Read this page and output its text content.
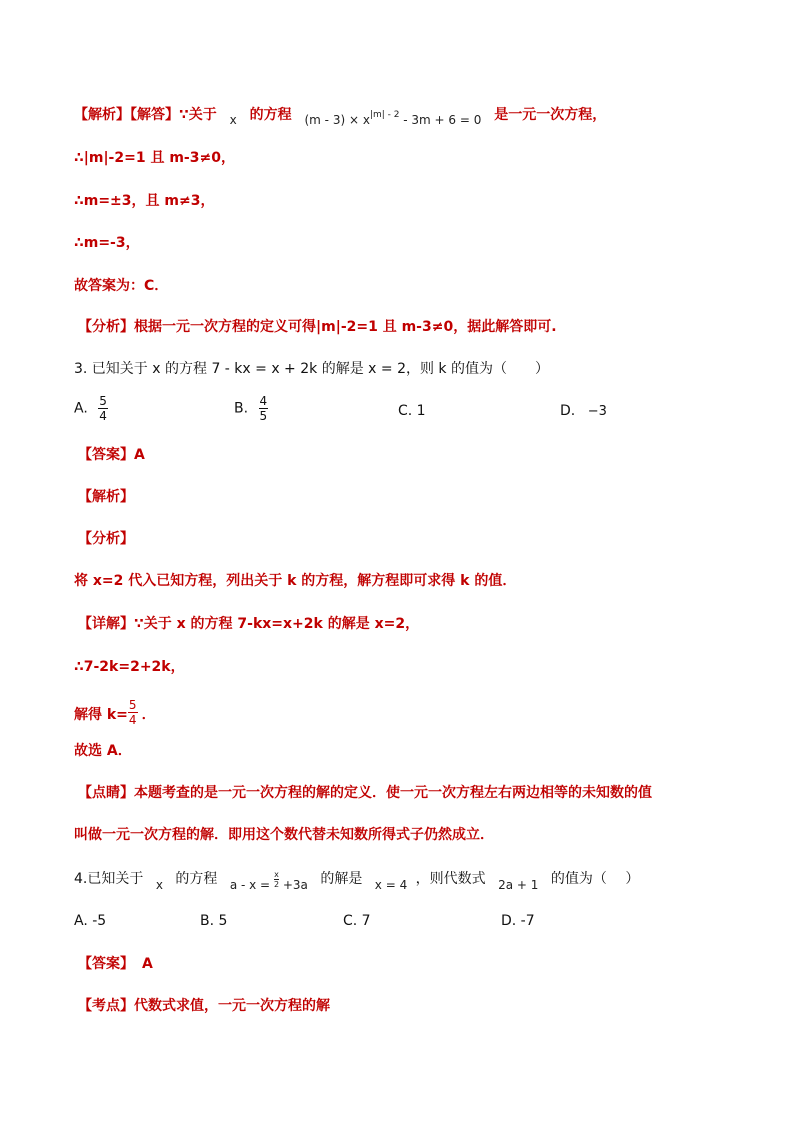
【解析】【解答】∵关于 x 的方程 $(m - 3) \times x^{|m| - 2} - 3m + 6 = 0$ 是一元一次方程，
∴|m|-2=1 且 m-3≠0，
∴m=±3，且 m≠3，
∴m=-3，
故答案为：C．
【分析】根据一元一次方程的定义可得|m|-2=1 且 m-3≠0，据此解答即可.
3. 已知关于 x 的方程 7 - kx = x + 2k 的解是 x = 2，则 k 的值为（　　）
A. $\frac{5}{4}$	B. $\frac{4}{5}$	C. 1	D. −3
【答案】A
【解析】
【分析】
将 x=2 代入已知方程，列出关于 k 的方程，解方程即可求得 k 的值．
【详解】∵关于 x 的方程 7-kx=x+2k 的解是 x=2，
∴7-2k=2+2k，
解得 $k= \frac{5}{4}$ ．
故选 A．
【点睛】本题考查的是一元一次方程的解的定义．使一元一次方程左右两边相等的未知数的值
叫做一元一次方程的解．即用这个数代替未知数所得式子仍然成立．
4.已知关于 x 的方程 $a - x = \frac{x}{2} +3a$ 的解是 x = 4 ，则代数式 2a + 1 的值为（　 ）
A. -5	B. 5	C. 7	D. -7
【答案】 A
【考点】代数式求值，一元一次方程的解
